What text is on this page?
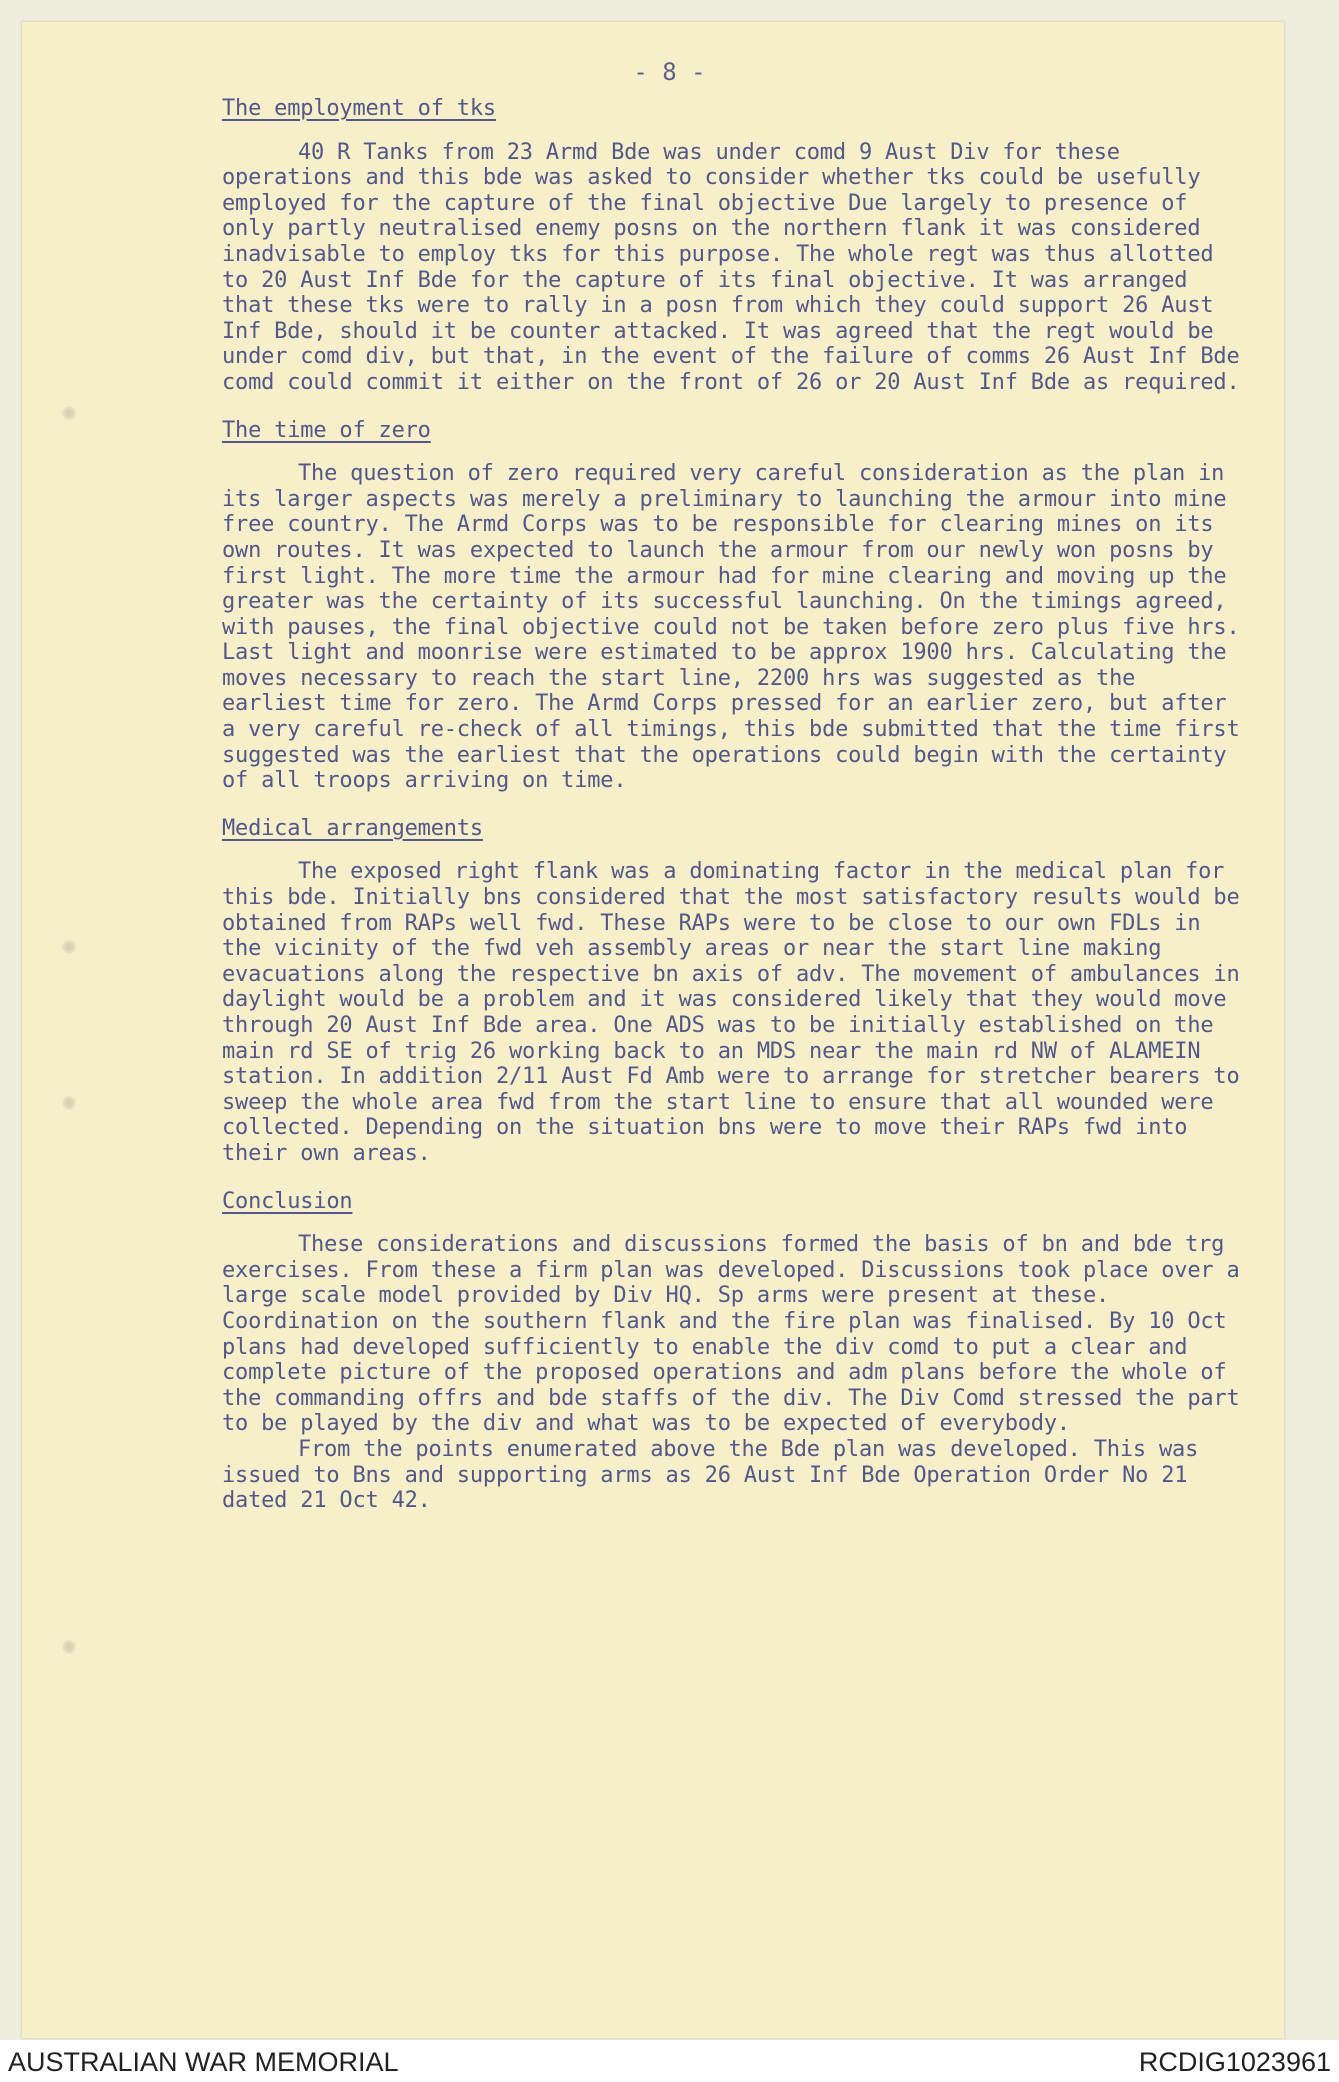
- 8 -
The employment of tks
40 R Tanks from 23 Armd Bde was under comd 9 Aust Div for these operations and this bde was asked to consider whether tks could be usefully employed for the capture of the final objective Due largely to presence of only partly neutralised enemy posns on the northern flank it was considered inadvisable to employ tks for this purpose. The whole regt was thus allotted to 20 Aust Inf Bde for the capture of its final objective. It was arranged that these tks were to rally in a posn from which they could support 26 Aust Inf Bde, should it be counter attacked. It was agreed that the regt would be under comd div, but that, in the event of the failure of comms 26 Aust Inf Bde comd could commit it either on the front of 26 or 20 Aust Inf Bde as required.
The time of zero
The question of zero required very careful consideration as the plan in its larger aspects was merely a preliminary to launching the armour into mine free country. The Armd Corps was to be responsible for clearing mines on its own routes. It was expected to launch the armour from our newly won posns by first light. The more time the armour had for mine clearing and moving up the greater was the certainty of its successful launching. On the timings agreed, with pauses, the final objective could not be taken before zero plus five hrs. Last light and moonrise were estimated to be approx 1900 hrs. Calculating the moves necessary to reach the start line, 2200 hrs was suggested as the earliest time for zero. The Armd Corps pressed for an earlier zero, but after a very careful re-check of all timings, this bde submitted that the time first suggested was the earliest that the operations could begin with the certainty of all troops arriving on time.
Medical arrangements
The exposed right flank was a dominating factor in the medical plan for this bde. Initially bns considered that the most satisfactory results would be obtained from RAPs well fwd. These RAPs were to be close to our own FDLs in the vicinity of the fwd veh assembly areas or near the start line making evacuations along the respective bn axis of adv. The movement of ambulances in daylight would be a problem and it was considered likely that they would move through 20 Aust Inf Bde area. One ADS was to be initially established on the main rd SE of trig 26 working back to an MDS near the main rd NW of ALAMEIN station. In addition 2/11 Aust Fd Amb were to arrange for stretcher bearers to sweep the whole area fwd from the start line to ensure that all wounded were collected. Depending on the situation bns were to move their RAPs fwd into their own areas.
Conclusion
These considerations and discussions formed the basis of bn and bde trg exercises. From these a firm plan was developed. Discussions took place over a large scale model provided by Div HQ. Sp arms were present at these. Coordination on the southern flank and the fire plan was finalised. By 10 Oct plans had developed sufficiently to enable the div comd to put a clear and complete picture of the proposed operations and adm plans before the whole of the commanding offrs and bde staffs of the div. The Div Comd stressed the part to be played by the div and what was to be expected of everybody.
From the points enumerated above the Bde plan was developed. This was issued to Bns and supporting arms as 26 Aust Inf Bde Operation Order No 21 dated 21 Oct 42.
AUSTRALIAN WAR MEMORIAL	RCDIG1023961
